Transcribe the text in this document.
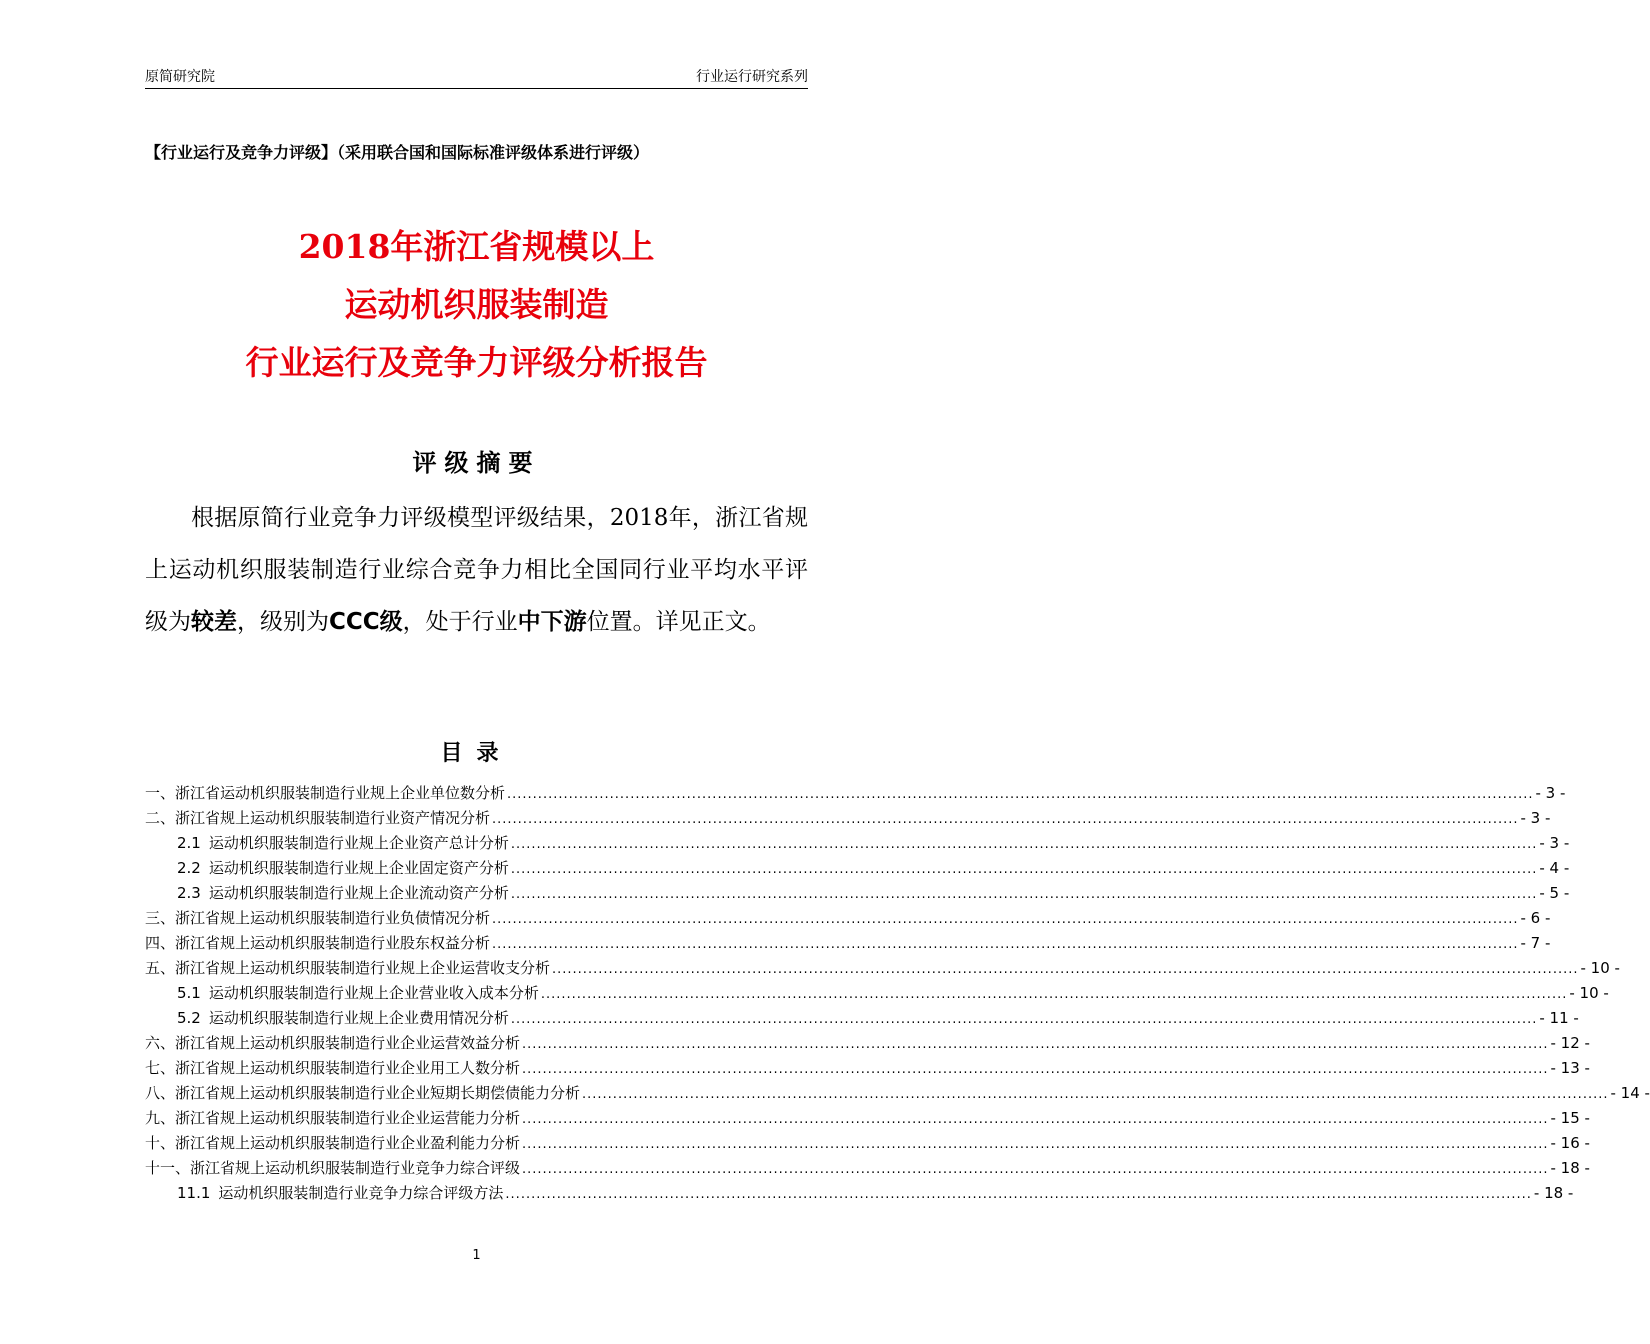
原简研究院	行业运行研究系列
【行业运行及竞争力评级】（采用联合国和国际标准评级体系进行评级）
2018年浙江省规模以上
运动机织服装制造
行业运行及竞争力评级分析报告
评级摘要
根据原简行业竞争力评级模型评级结果，2018年，浙江省规上运动机织服装制造行业综合竞争力相比全国同行业平均水平评级为较差，级别为CCC级，处于行业中下游位置。详见正文。
目录
一、浙江省运动机织服装制造行业规上企业单位数分析 ........................................................................................................................................................................................................ - 3 -
二、浙江省规上运动机织服装制造行业资产情况分析 ........................................................................................................................................................................................................ - 3 -
2.1 运动机织服装制造行业规上企业资产总计分析 ........................................................................................................................................................................................................ - 3 -
2.2 运动机织服装制造行业规上企业固定资产分析 ........................................................................................................................................................................................................ - 4 -
2.3 运动机织服装制造行业规上企业流动资产分析 ........................................................................................................................................................................................................ - 5 -
三、浙江省规上运动机织服装制造行业负债情况分析 ........................................................................................................................................................................................................ - 6 -
四、浙江省规上运动机织服装制造行业股东权益分析 ........................................................................................................................................................................................................ - 7 -
五、浙江省规上运动机织服装制造行业规上企业运营收支分析 ........................................................................................................................................................................................................ - 10 -
5.1 运动机织服装制造行业规上企业营业收入成本分析 ........................................................................................................................................................................................................ - 10 -
5.2 运动机织服装制造行业规上企业费用情况分析 ........................................................................................................................................................................................................ - 11 -
六、浙江省规上运动机织服装制造行业企业运营效益分析 ........................................................................................................................................................................................................ - 12 -
七、浙江省规上运动机织服装制造行业企业用工人数分析 ........................................................................................................................................................................................................ - 13 -
八、浙江省规上运动机织服装制造行业企业短期长期偿债能力分析 ........................................................................................................................................................................................................ - 14 -
九、浙江省规上运动机织服装制造行业企业运营能力分析 ........................................................................................................................................................................................................ - 15 -
十、浙江省规上运动机织服装制造行业企业盈利能力分析 ........................................................................................................................................................................................................ - 16 -
十一、浙江省规上运动机织服装制造行业竞争力综合评级 ........................................................................................................................................................................................................ - 18 -
11.1 运动机织服装制造行业竞争力综合评级方法 ........................................................................................................................................................................................................ - 18 -
1
